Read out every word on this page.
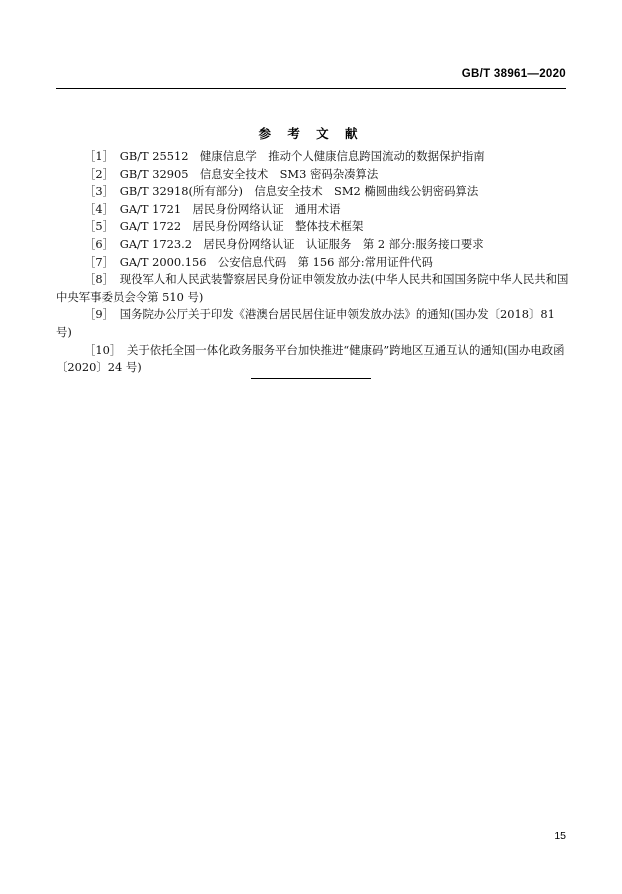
GB/T 38961—2020
参 考 文 献

［1］　GB/T 25512　健康信息学　推动个人健康信息跨国流动的数据保护指南

［2］　GB/T 32905　信息安全技术　SM3 密码杂凑算法

［3］　GB/T 32918(所有部分)　信息安全技术　SM2 椭圆曲线公钥密码算法

［4］　GA/T 1721　居民身份网络认证　通用术语

［5］　GA/T 1722　居民身份网络认证　整体技术框架

［6］　GA/T 1723.2　居民身份网络认证　认证服务　第 2 部分:服务接口要求

［7］　GA/T 2000.156　公安信息代码　第 156 部分:常用证件代码

［8］　现役军人和人民武装警察居民身份证申领发放办法(中华人民共和国国务院中华人民共和国中央军事委员会令第 510 号)

［9］　国务院办公厅关于印发《港澳台居民居住证申领发放办法》的通知(国办发〔2018〕81 号)

［10］　关于依托全国一体化政务服务平台加快推进“健康码”跨地区互通互认的通知(国办电政函〔2020〕24 号)

15
